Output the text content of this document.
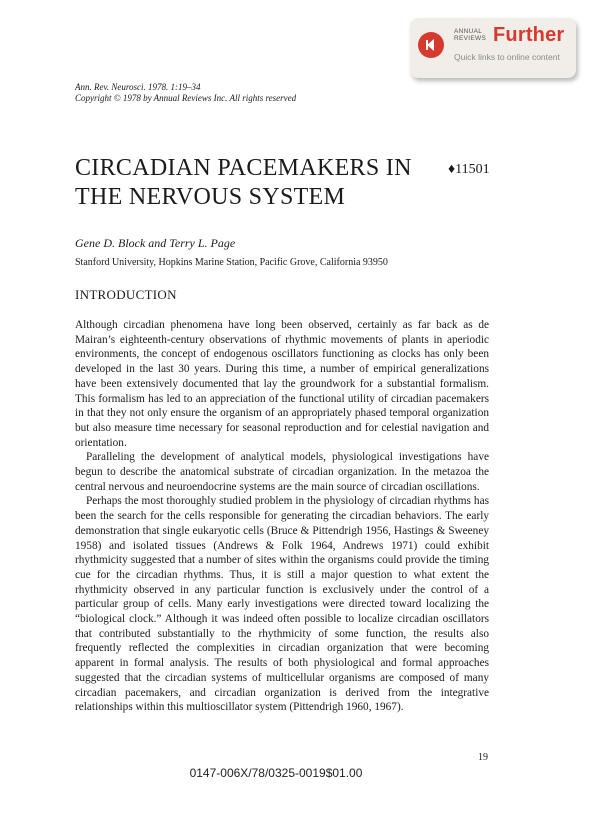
ANNUAL
REVIEWS Further
Quick links to online content
Ann. Rev. Neurosci. 1978. 1:19–34
Copyright © 1978 by Annual Reviews Inc. All rights reserved
CIRCADIAN PACEMAKERS IN
THE NERVOUS SYSTEM
♦11501
Gene D. Block and Terry L. Page
Stanford University, Hopkins Marine Station, Pacific Grove, California 93950
INTRODUCTION

Although circadian phenomena have long been observed, certainly as far back as de Mairan’s eighteenth-century observations of rhythmic movements of plants in aperiodic environments, the concept of endogenous oscillators functioning as clocks has only been developed in the last 30 years. During this time, a number of empirical generalizations have been extensively documented that lay the groundwork for a substantial formalism. This formalism has led to an appreciation of the functional utility of circadian pacemakers in that they not only ensure the organism of an appropriately phased temporal organization but also measure time necessary for seasonal reproduction and for celestial navigation and orientation.

Paralleling the development of analytical models, physiological investigations have begun to describe the anatomical substrate of circadian organization. In the metazoa the central nervous and neuroendocrine systems are the main source of circadian oscillations.

Perhaps the most thoroughly studied problem in the physiology of circadian rhythms has been the search for the cells responsible for generating the circadian behaviors. The early demonstration that single eukaryotic cells (Bruce & Pittendrigh 1956, Hastings & Sweeney 1958) and isolated tissues (Andrews & Folk 1964, Andrews 1971) could exhibit rhythmicity suggested that a number of sites within the organisms could provide the timing cue for the circadian rhythms. Thus, it is still a major question to what extent the rhythmicity observed in any particular function is exclusively under the control of a particular group of cells. Many early investigations were directed toward localizing the “biological clock.” Although it was indeed often possible to localize circadian oscillators that contributed substantially to the rhythmicity of some function, the results also frequently reflected the complexities in circadian organization that were becoming apparent in formal analysis. The results of both physiological and formal approaches suggested that the circadian systems of multicellular organisms are composed of many circadian pacemakers, and circadian organization is derived from the integrative relationships within this multioscillator system (Pittendrigh 1960, 1967).

19
0147-006X/78/0325-0019$01.00
